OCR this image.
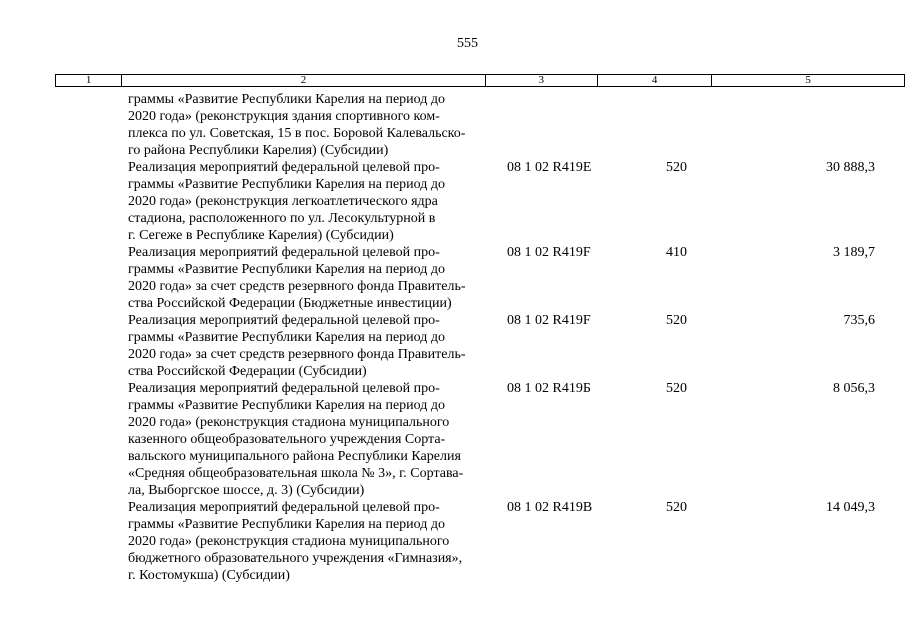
555
1	2	3	4	5
граммы «Развитие Республики Карелия на период до
2020 года» (реконструкция здания спортивного ком-
плекса по ул. Советская, 15 в пос. Боровой Калевальско-
го района Республики Карелия) (Субсидии)
Реализация мероприятий федеральной целевой про-
граммы «Развитие Республики Карелия на период до
2020 года» (реконструкция легкоатлетического ядра
стадиона, расположенного по ул. Лесокультурной в
г. Сегеже в Республике Карелия) (Субсидии)
08 1 02 R419E	520	30 888,3
Реализация мероприятий федеральной целевой про-
граммы «Развитие Республики Карелия на период до
2020 года» за счет средств резервного фонда Правитель-
ства Российской Федерации (Бюджетные инвестиции)
08 1 02 R419F	410	3 189,7
Реализация мероприятий федеральной целевой про-
граммы «Развитие Республики Карелия на период до
2020 года» за счет средств резервного фонда Правитель-
ства Российской Федерации (Субсидии)
08 1 02 R419F	520	735,6
Реализация мероприятий федеральной целевой про-
граммы «Развитие Республики Карелия на период до
2020 года» (реконструкция стадиона муниципального
казенного общеобразовательного учреждения Сорта-
вальского муниципального района Республики Карелия
«Средняя общеобразовательная школа № 3», г. Сортава-
ла, Выборгское шоссе, д. 3) (Субсидии)
08 1 02 R419Б	520	8 056,3
Реализация мероприятий федеральной целевой про-
граммы «Развитие Республики Карелия на период до
2020 года» (реконструкция стадиона муниципального
бюджетного образовательного учреждения «Гимназия»,
г. Костомукша) (Субсидии)
08 1 02 R419В	520	14 049,3
